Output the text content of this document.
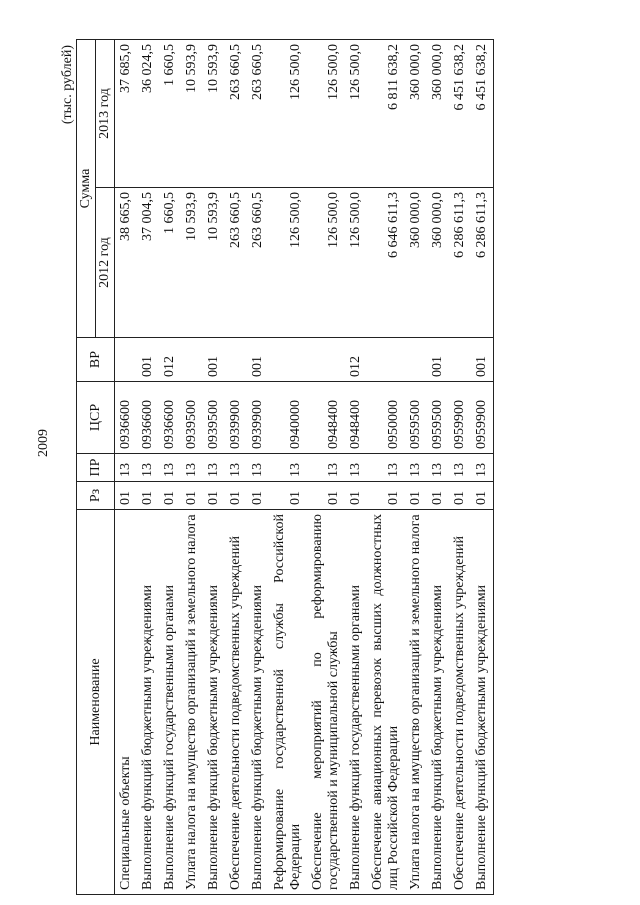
2009
(тыс. рублей)
Наименование	Рз	ПР	ЦСР	ВР	Сумма	
					2012 год	2013 год
Специальные объекты	01	13	0936600		38 665,0	37 685,0
Выполнение функций бюджетными учреждениями	01	13	0936600	001	37 004,5	36 024,5
Выполнение функций государственными органами	01	13	0936600	012	1 660,5	1 660,5
Уплата налога на имущество организаций и земельного налога	01	13	0939500		10 593,9	10 593,9
Выполнение функций бюджетными учреждениями	01	13	0939500	001	10 593,9	10 593,9
Обеспечение деятельности подведомственных учреждений	01	13	0939900		263 660,5	263 660,5
Выполнение функций бюджетными учреждениями	01	13	0939900	001	263 660,5	263 660,5
Реформирование государственной службы Российской Федерации	01	13	0940000		126 500,0	126 500,0
Обеспечение мероприятий по реформированию государственной и муниципальной службы	01	13	0948400		126 500,0	126 500,0
Выполнение функций государственными органами	01	13	0948400	012	126 500,0	126 500,0
Обеспечение авиационных перевозок высших должностных лиц Российской Федерации	01	13	0950000		6 646 611,3	6 811 638,2
Уплата налога на имущество организаций и земельного налога	01	13	0959500		360 000,0	360 000,0
Выполнение функций бюджетными учреждениями	01	13	0959500	001	360 000,0	360 000,0
Обеспечение деятельности подведомственных учреждений	01	13	0959900		6 286 611,3	6 451 638,2
Выполнение функций бюджетными учреждениями	01	13	0959900	001	6 286 611,3	6 451 638,2
